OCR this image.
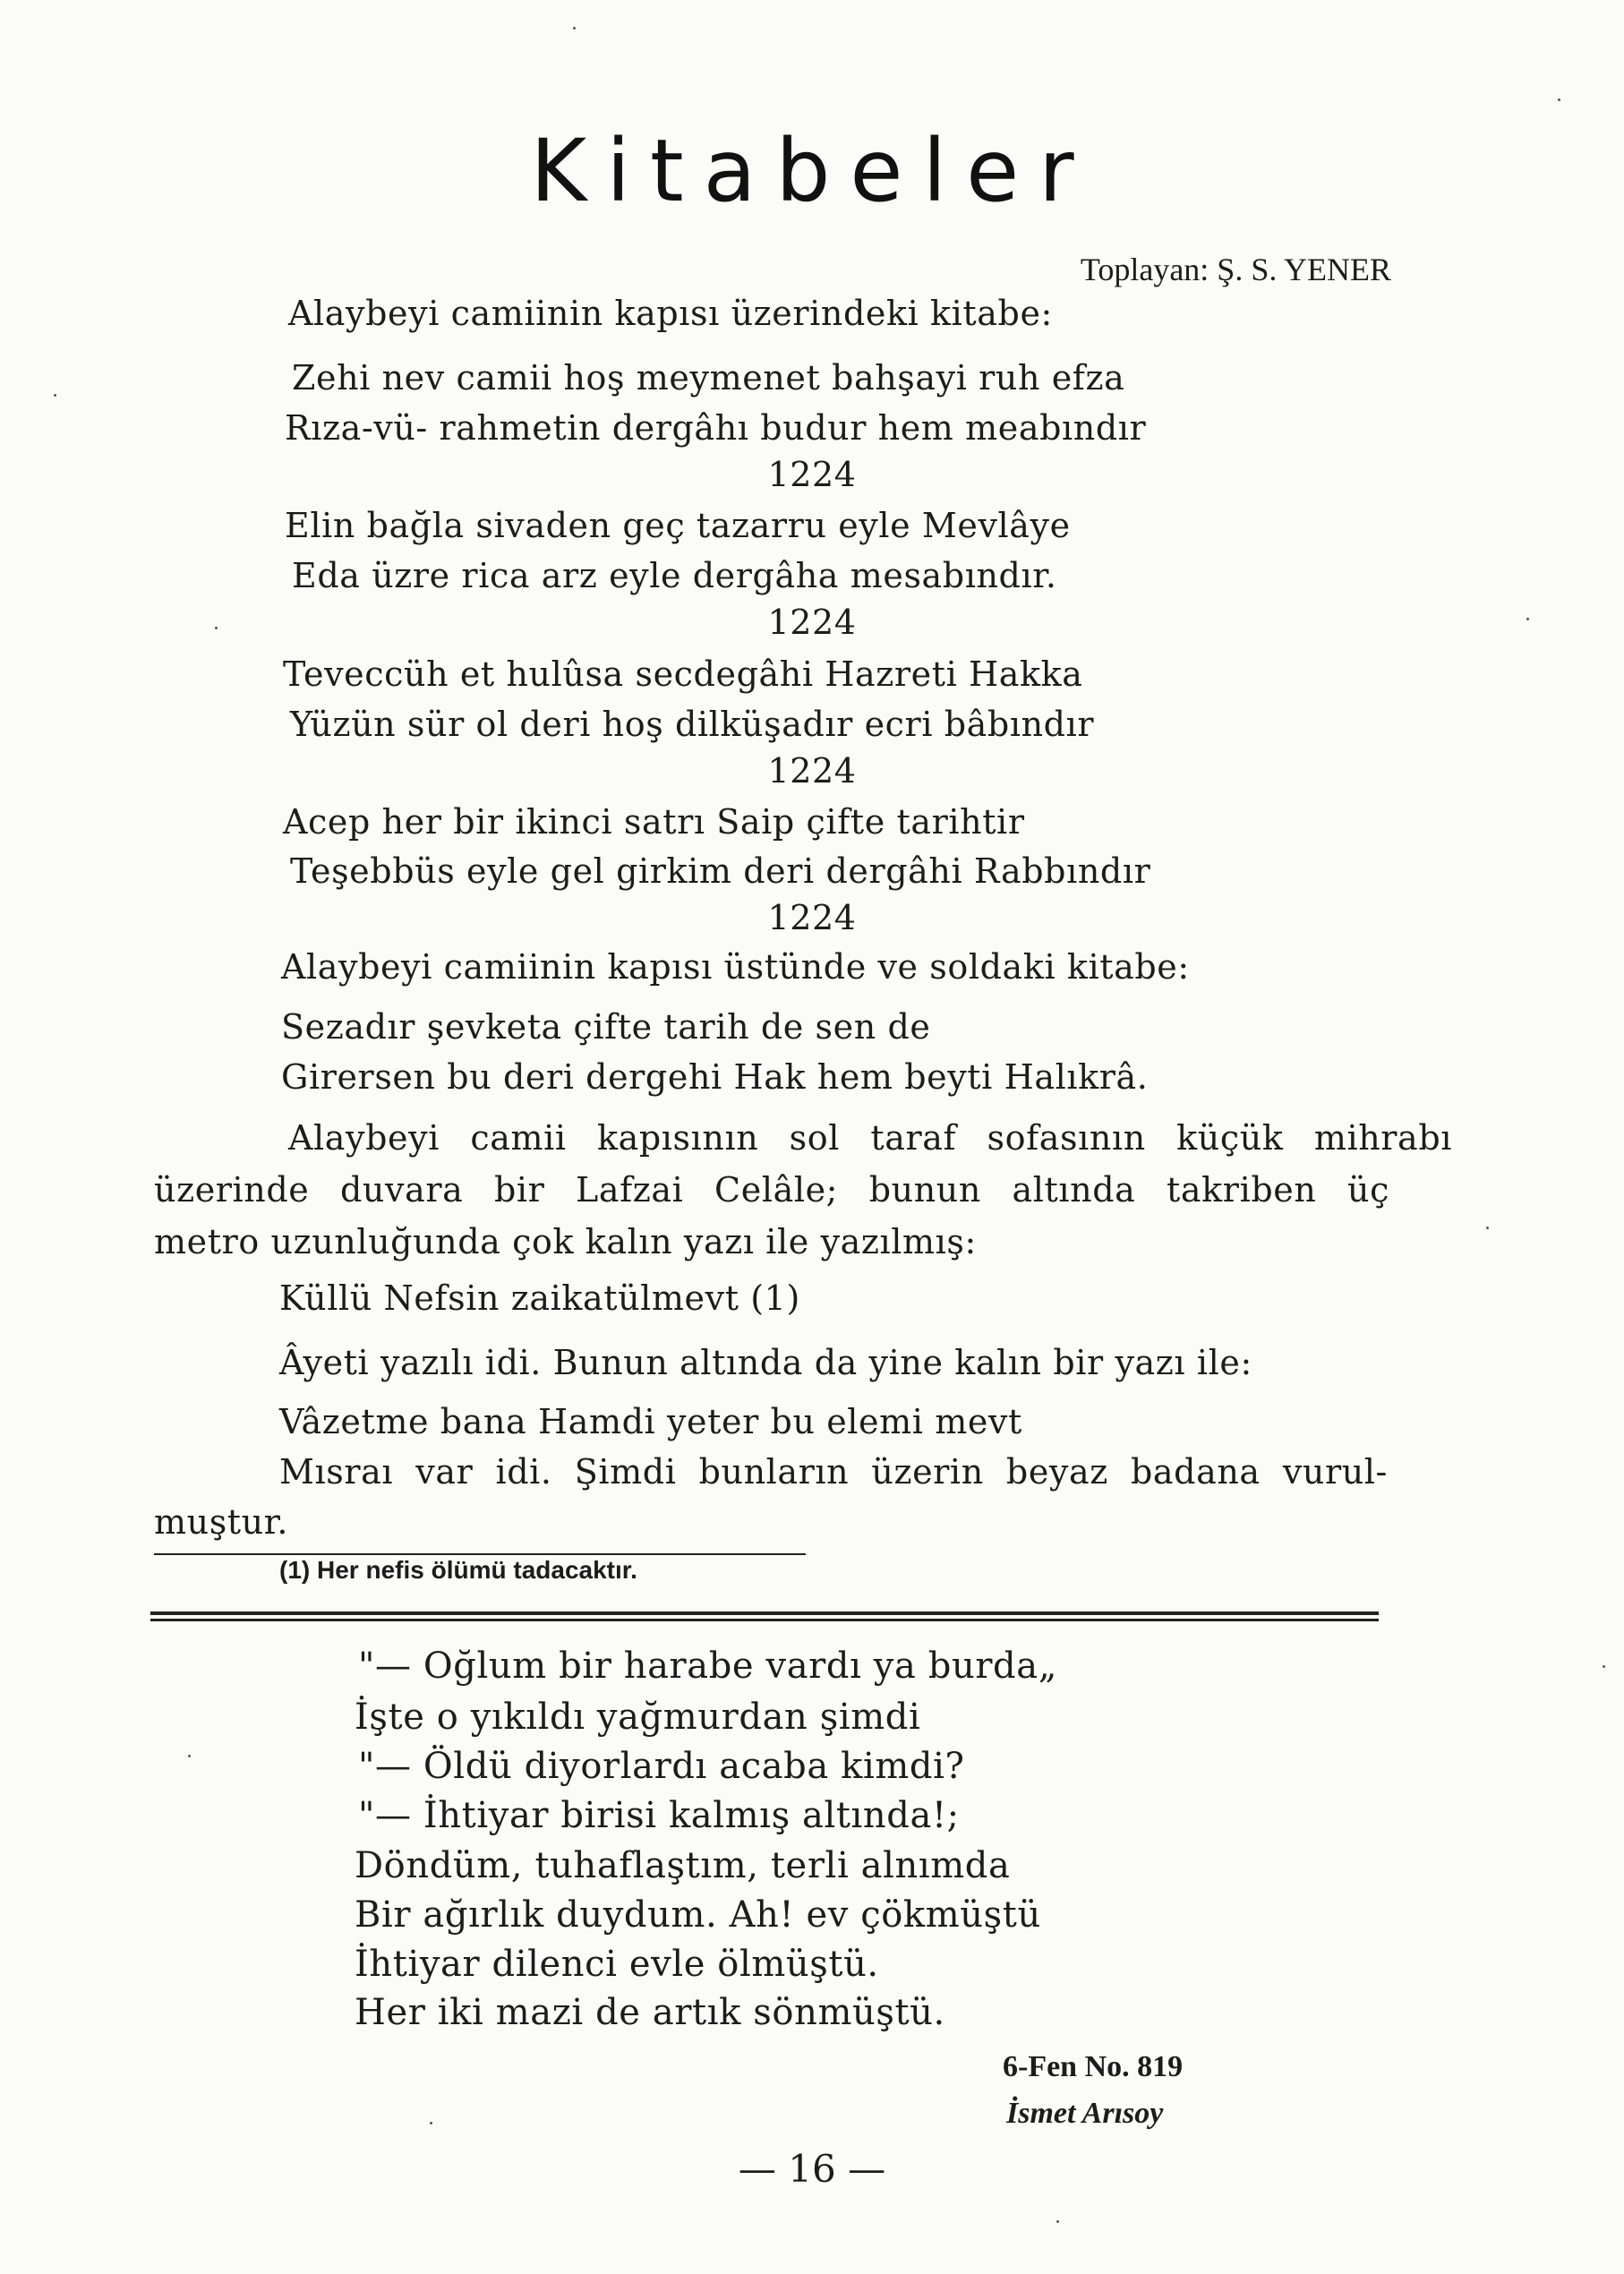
Kitabeler
Toplayan: Ş. S. YENER
Alaybeyi camiinin kapısı üzerindeki kitabe:
Zehi nev camii hoş meymenet bahşayi ruh efza
Rıza-vü- rahmetin dergâhı budur hem meabındır
1224
Elin bağla sivaden geç tazarru eyle Mevlâye
Eda üzre rica arz eyle dergâha mesabındır.
1224
Teveccüh et hulûsa secdegâhi Hazreti Hakka
Yüzün sür ol deri hoş dilküşadır ecri bâbındır
1224
Acep her bir ikinci satrı Saip çifte tarihtir
Teşebbüs eyle gel girkim deri dergâhi Rabbındır
1224
Alaybeyi camiinin kapısı üstünde ve soldaki kitabe:
Sezadır şevketa çifte tarih de sen de
Girersen bu deri dergehi Hak hem beyti Halıkrâ.
Alaybeyi camii kapısının sol taraf sofasının küçük mihrabı
üzerinde duvara bir Lafzai Celâle; bunun altında takriben üç
metro uzunluğunda çok kalın yazı ile yazılmış:
Küllü Nefsin zaikatülmevt (1)
Âyeti yazılı idi. Bunun altında da yine kalın bir yazı ile:
Vâzetme bana Hamdi yeter bu elemi mevt
Mısraı var idi. Şimdi bunların üzerin beyaz badana vurul-
muştur.
(1) Her nefis ölümü tadacaktır.
"— Oğlum bir harabe vardı ya burda„
İşte o yıkıldı yağmurdan şimdi
"— Öldü diyorlardı acaba kimdi?
"— İhtiyar birisi kalmış altında!;
Döndüm, tuhaflaştım, terli alnımda
Bir ağırlık duydum. Ah! ev çökmüştü
İhtiyar dilenci evle ölmüştü.
Her iki mazi de artık sönmüştü.
6-Fen No. 819
İsmet Arısoy
— 16 —
